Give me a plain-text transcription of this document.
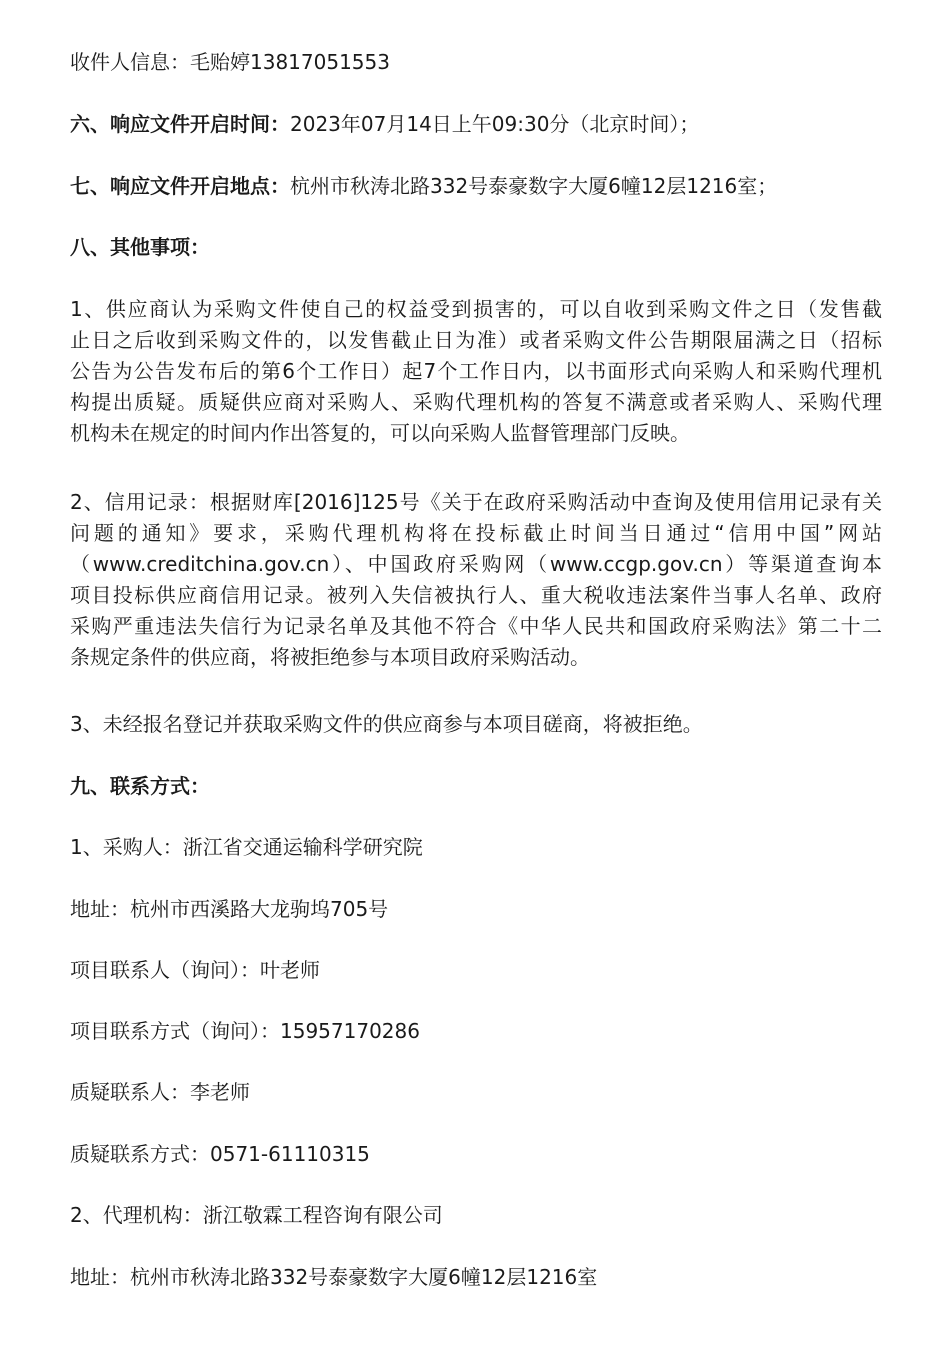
收件人信息：毛贻婷13817051553
六、响应文件开启时间：2023年07月14日上午09:30分（北京时间）；
七、响应文件开启地点：杭州市秋涛北路332号泰豪数字大厦6幢12层1216室；
八、其他事项：
1、供应商认为采购文件使自己的权益受到损害的，可以自收到采购文件之日（发售截
止日之后收到采购文件的，以发售截止日为准）或者采购文件公告期限届满之日（招标
公告为公告发布后的第6个工作日）起7个工作日内，以书面形式向采购人和采购代理机
构提出质疑。质疑供应商对采购人、采购代理机构的答复不满意或者采购人、采购代理
机构未在规定的时间内作出答复的，可以向采购人监督管理部门反映。
2、信用记录：根据财库[2016]125号《关于在政府采购活动中查询及使用信用记录有关
问题的通知》要求，采购代理机构将在投标截止时间当日通过“信用中国”网站
（www.creditchina.gov.cn）、中国政府采购网（www.ccgp.gov.cn）等渠道查询本
项目投标供应商信用记录。被列入失信被执行人、重大税收违法案件当事人名单、政府
采购严重违法失信行为记录名单及其他不符合《中华人民共和国政府采购法》第二十二
条规定条件的供应商，将被拒绝参与本项目政府采购活动。
3、未经报名登记并获取采购文件的供应商参与本项目磋商，将被拒绝。
九、联系方式：
1、采购人：浙江省交通运输科学研究院
地址：杭州市西溪路大龙驹坞705号
项目联系人（询问）：叶老师
项目联系方式（询问）：15957170286
质疑联系人：李老师
质疑联系方式：0571-61110315
2、代理机构：浙江敬霖工程咨询有限公司
地址：杭州市秋涛北路332号泰豪数字大厦6幢12层1216室
